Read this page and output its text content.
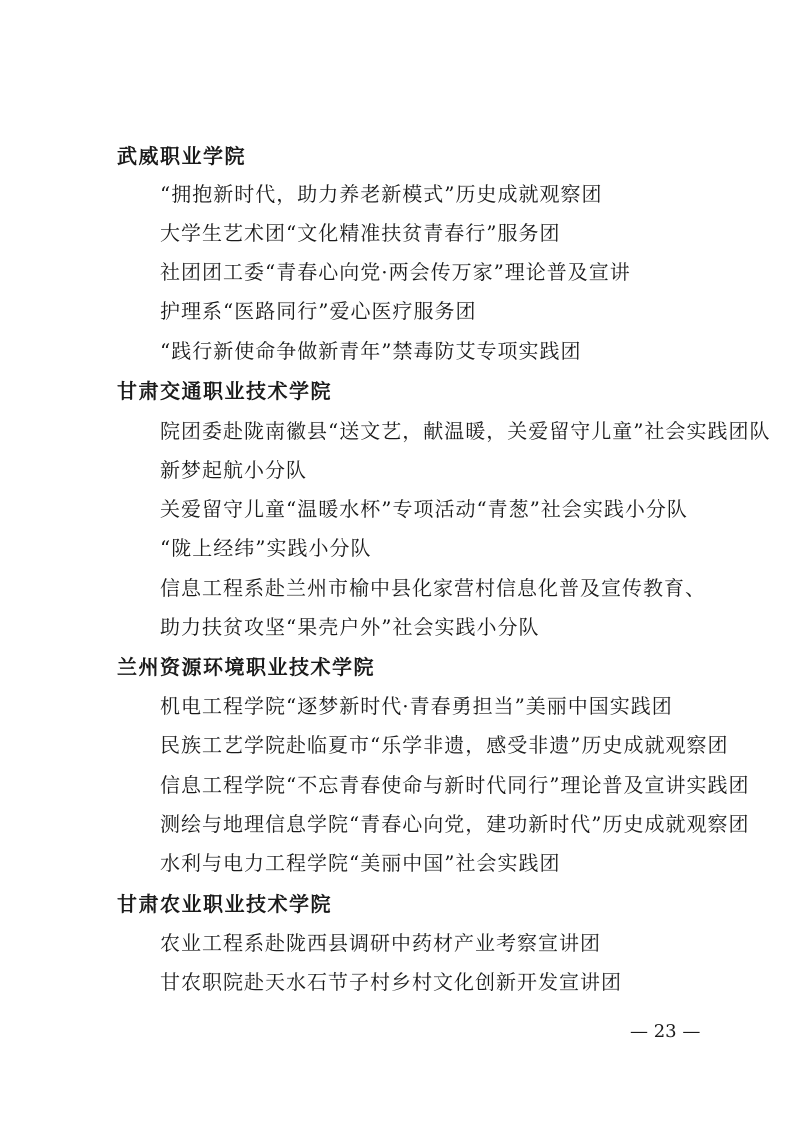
武威职业学院
“拥抱新时代，助力养老新模式”历史成就观察团
大学生艺术团“文化精准扶贫青春行”服务团
社团团工委“青春心向党·两会传万家”理论普及宣讲
护理系“医路同行”爱心医疗服务团
“践行新使命争做新青年”禁毒防艾专项实践团
甘肃交通职业技术学院
院团委赴陇南徽县“送文艺，献温暖，关爱留守儿童”社会实践团队
新梦起航小分队
关爱留守儿童“温暖水杯”专项活动“青葱”社会实践小分队
“陇上经纬”实践小分队
信息工程系赴兰州市榆中县化家营村信息化普及宣传教育、
助力扶贫攻坚“果壳户外”社会实践小分队
兰州资源环境职业技术学院
机电工程学院“逐梦新时代·青春勇担当”美丽中国实践团
民族工艺学院赴临夏市“乐学非遗，感受非遗”历史成就观察团
信息工程学院“不忘青春使命与新时代同行”理论普及宣讲实践团
测绘与地理信息学院“青春心向党，建功新时代”历史成就观察团
水利与电力工程学院“美丽中国”社会实践团
甘肃农业职业技术学院
农业工程系赴陇西县调研中药材产业考察宣讲团
甘农职院赴天水石节子村乡村文化创新开发宣讲团
— 23 —
